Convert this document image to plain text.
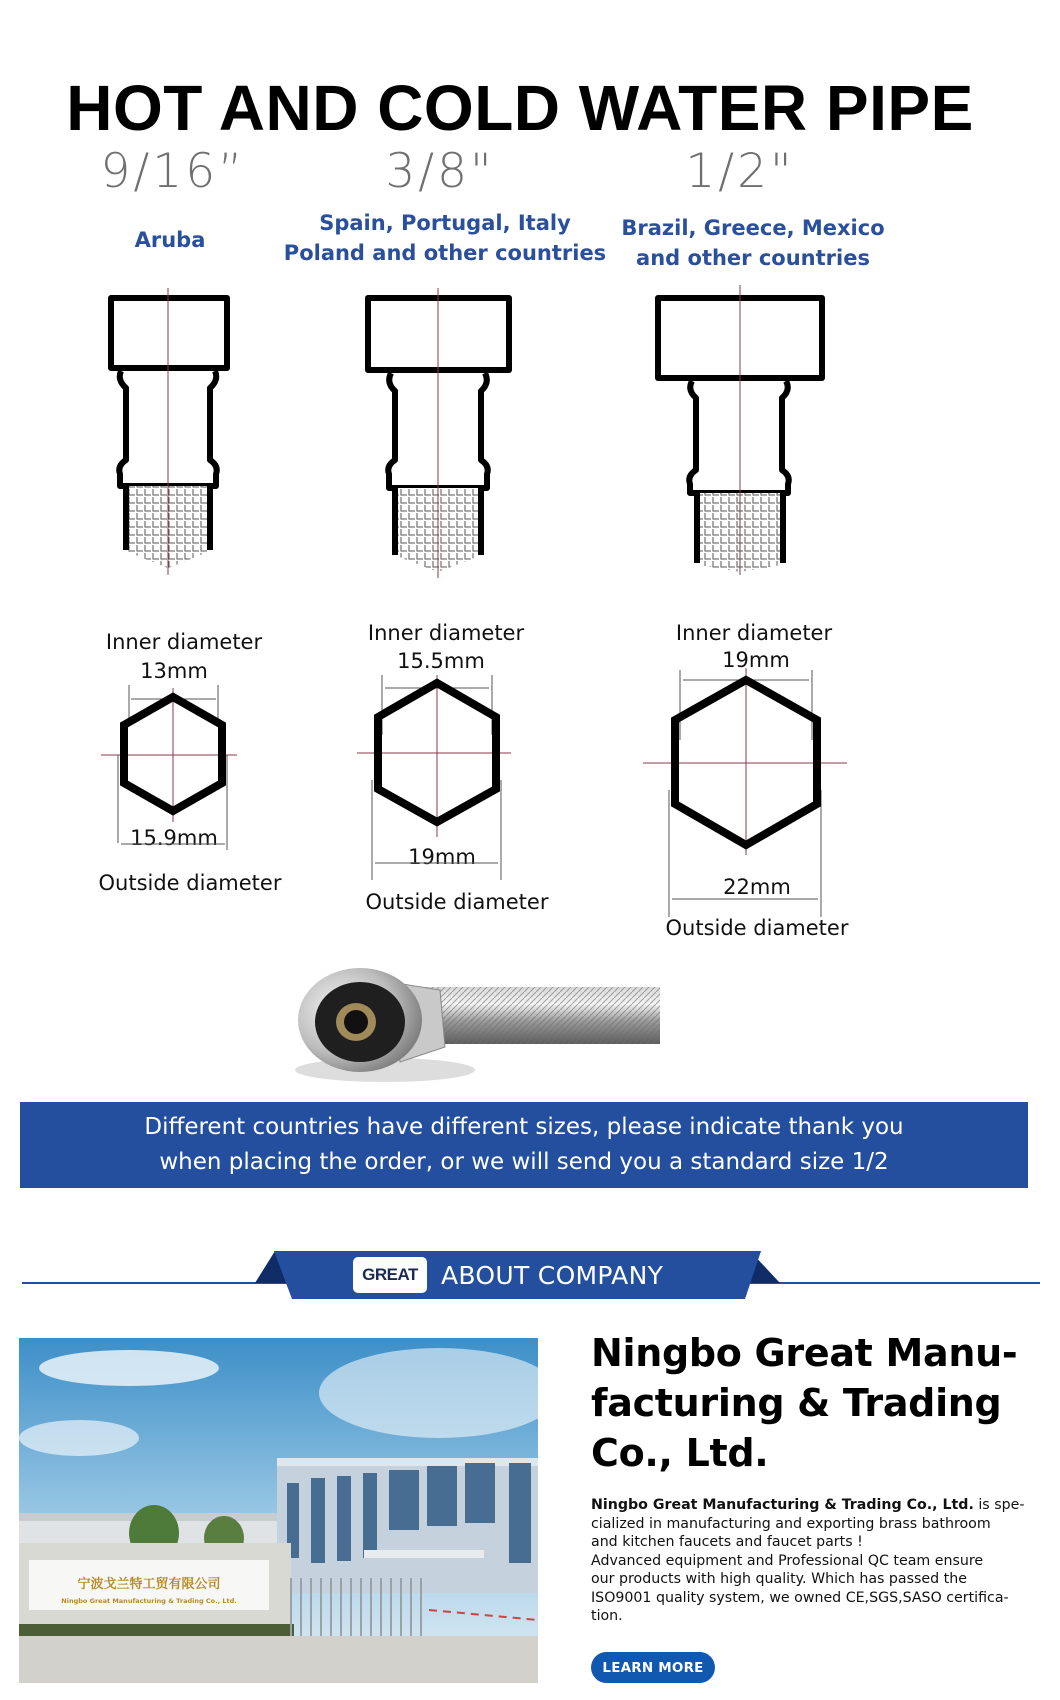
HOT AND COLD WATER PIPE
9/16”	3/8"	1/2"
Aruba
Spain, Portugal, Italy
Poland and other countries
Brazil, Greece, Mexico
and other countries
Inner diameter
13mm
15.9mm
Outside diameter
Inner diameter
15.5mm
19mm
Outside diameter
Inner diameter
19mm
22mm
Outside diameter
Different countries have different sizes, please indicate thank you
when placing the order, or we will send you a standard size 1/2
GREAT ABOUT COMPANY
宁波戈兰特工贸有限公司
Ningbo Great Manufacturing & Trading Co., Ltd.
Ningbo Great Manu-
facturing & Trading
Co., Ltd.
Ningbo Great Manufacturing & Trading Co., Ltd. is spe-
cialized in manufacturing and exporting brass bathroom
and kitchen faucets and faucet parts !
Advanced equipment and Professional QC team ensure
our products with high quality. Which has passed the
ISO9001 quality system, we owned CE,SGS,SASO certifica-
tion.
LEARN MORE
